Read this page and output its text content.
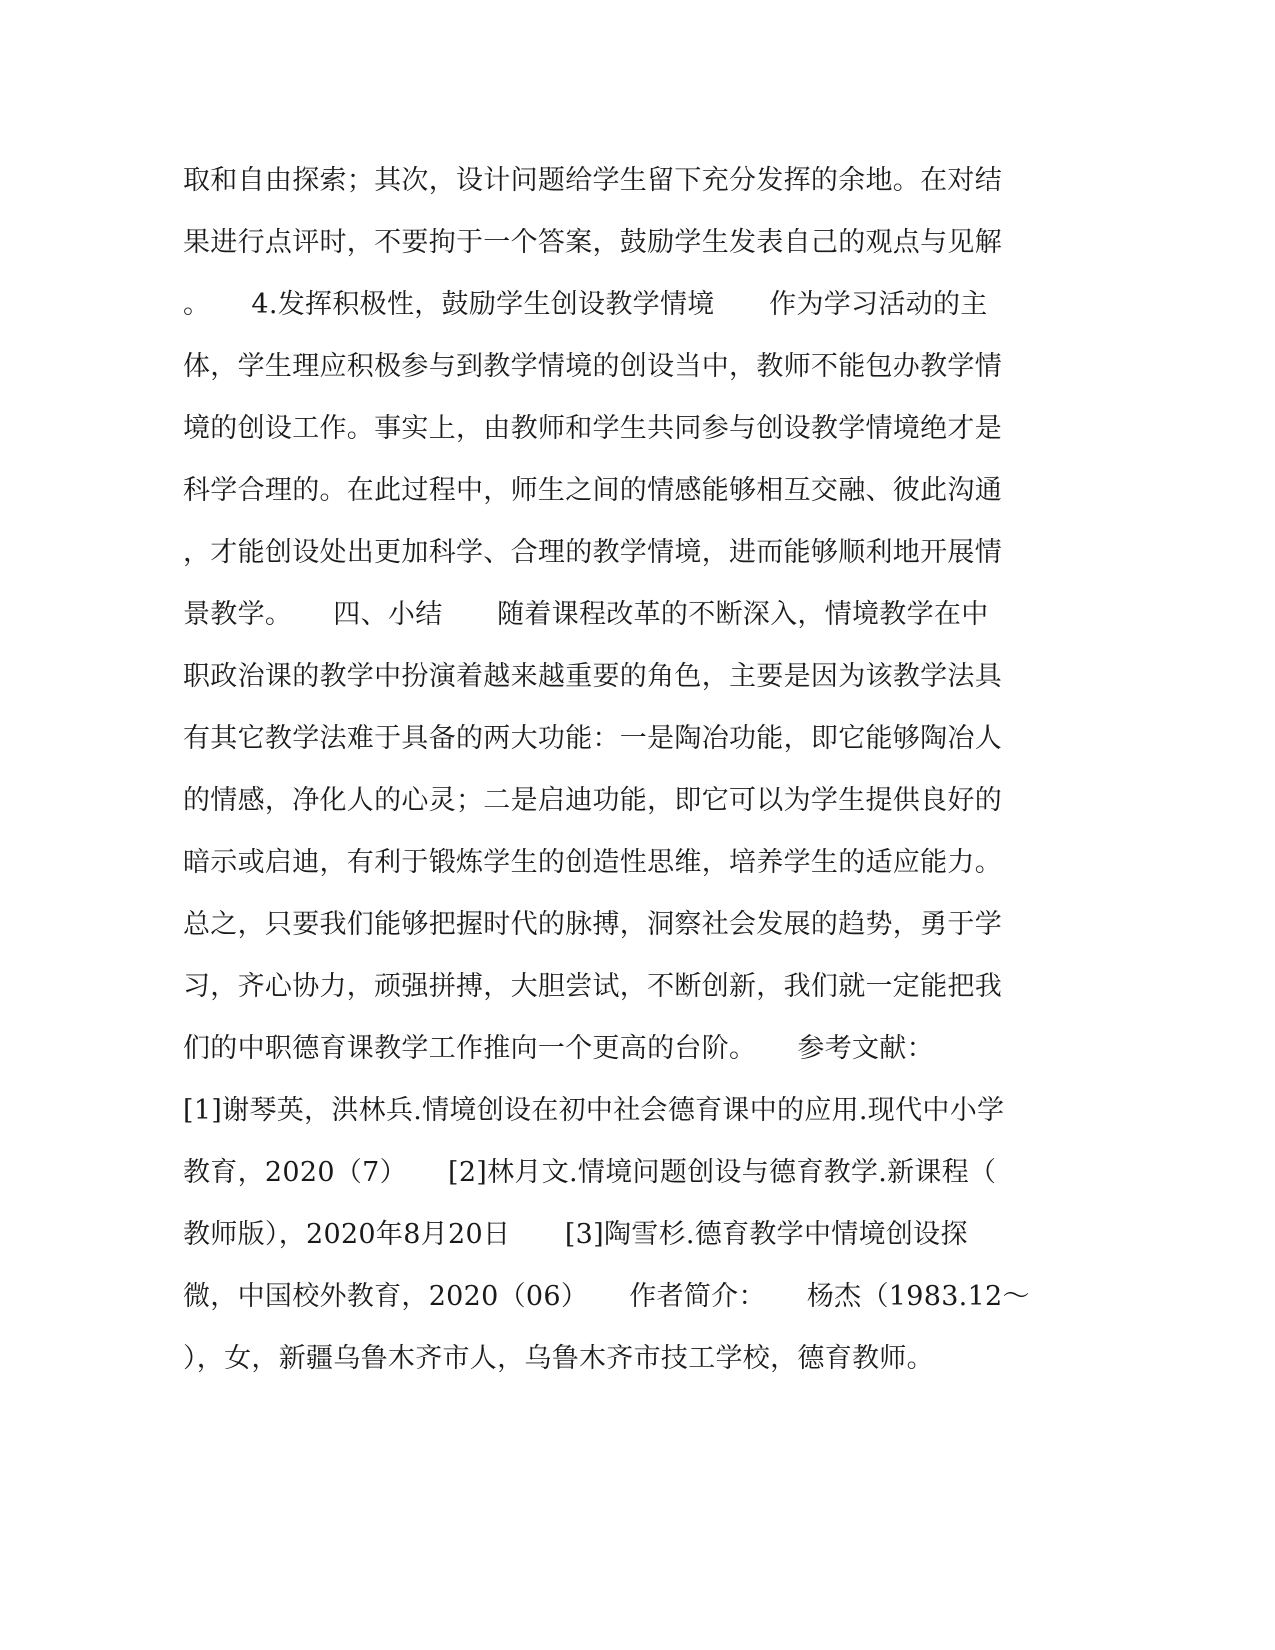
取和自由探索；其次，设计问题给学生留下充分发挥的余地。在对结
果进行点评时，不要拘于一个答案，鼓励学生发表自己的观点与见解
。　　4.发挥积极性，鼓励学生创设教学情境　　作为学习活动的主
体，学生理应积极参与到教学情境的创设当中，教师不能包办教学情
境的创设工作。事实上，由教师和学生共同参与创设教学情境绝才是
科学合理的。在此过程中，师生之间的情感能够相互交融、彼此沟通
，才能创设处出更加科学、合理的教学情境，进而能够顺利地开展情
景教学。　　四、小结　　随着课程改革的不断深入，情境教学在中
职政治课的教学中扮演着越来越重要的角色，主要是因为该教学法具
有其它教学法难于具备的两大功能：一是陶冶功能，即它能够陶冶人
的情感，净化人的心灵；二是启迪功能，即它可以为学生提供良好的
暗示或启迪，有利于锻炼学生的创造性思维，培养学生的适应能力。
总之，只要我们能够把握时代的脉搏，洞察社会发展的趋势，勇于学
习，齐心协力，顽强拼搏，大胆尝试，不断创新，我们就一定能把我
们的中职德育课教学工作推向一个更高的台阶。　　参考文献：
[1]谢琴英，洪林兵.情境创设在初中社会德育课中的应用.现代中小学
教育，2020（7）　　[2]林月文.情境问题创设与德育教学.新课程（
教师版），2020年8月20日　　[3]陶雪杉.德育教学中情境创设探
微，中国校外教育，2020（06）　　作者简介：　　杨杰（1983.12～
），女，新疆乌鲁木齐市人，乌鲁木齐市技工学校，德育教师。
